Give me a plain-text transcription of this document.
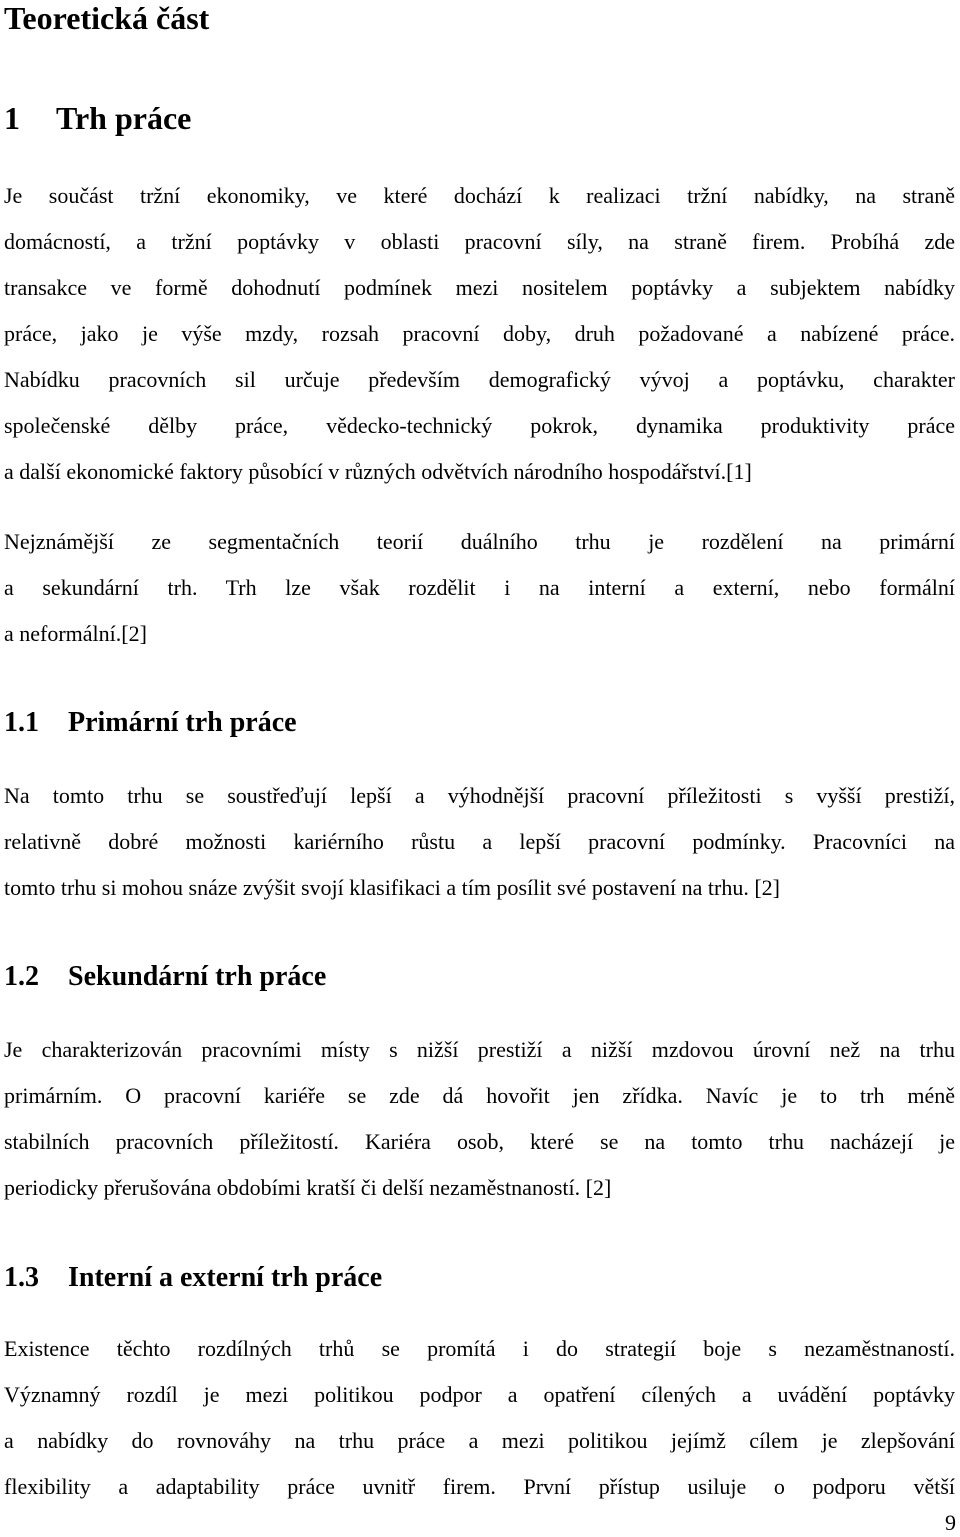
Teoretická část
1 Trh práce
Je součást tržní ekonomiky, ve které dochází k realizaci tržní nabídky, na straně
domácností, a tržní poptávky v oblasti pracovní síly, na straně firem. Probíhá zde
transakce ve formě dohodnutí podmínek mezi nositelem poptávky a subjektem nabídky
práce, jako je výše mzdy, rozsah pracovní doby, druh požadované a nabízené práce.
Nabídku pracovních sil určuje především demografický vývoj a poptávku, charakter
společenské dělby práce, vědecko-technický pokrok, dynamika produktivity práce
a další ekonomické faktory působící v různých odvětvích národního hospodářství.[1]
Nejznámější ze segmentačních teorií duálního trhu je rozdělení na primární
a sekundární trh. Trh lze však rozdělit i na interní a externí, nebo formální
a neformální.[2]
1.1 Primární trh práce
Na tomto trhu se soustřeďují lepší a výhodnější pracovní příležitosti s vyšší prestiží,
relativně dobré možnosti kariérního růstu a lepší pracovní podmínky. Pracovníci na
tomto trhu si mohou snáze zvýšit svojí klasifikaci a tím posílit své postavení na trhu. [2]
1.2 Sekundární trh práce
Je charakterizován pracovními místy s nižší prestiží a nižší mzdovou úrovní než na trhu
primárním. O pracovní kariéře se zde dá hovořit jen zřídka. Navíc je to trh méně
stabilních pracovních příležitostí. Kariéra osob, které se na tomto trhu nacházejí je
periodicky přerušována obdobími kratší či delší nezaměstnaností. [2]
1.3 Interní a externí trh práce
Existence těchto rozdílných trhů se promítá i do strategií boje s nezaměstnaností.
Významný rozdíl je mezi politikou podpor a opatření cílených a uvádění poptávky
a nabídky do rovnováhy na trhu práce a mezi politikou jejímž cílem je zlepšování
flexibility a adaptability práce uvnitř firem. První přístup usiluje o podporu větší
9
